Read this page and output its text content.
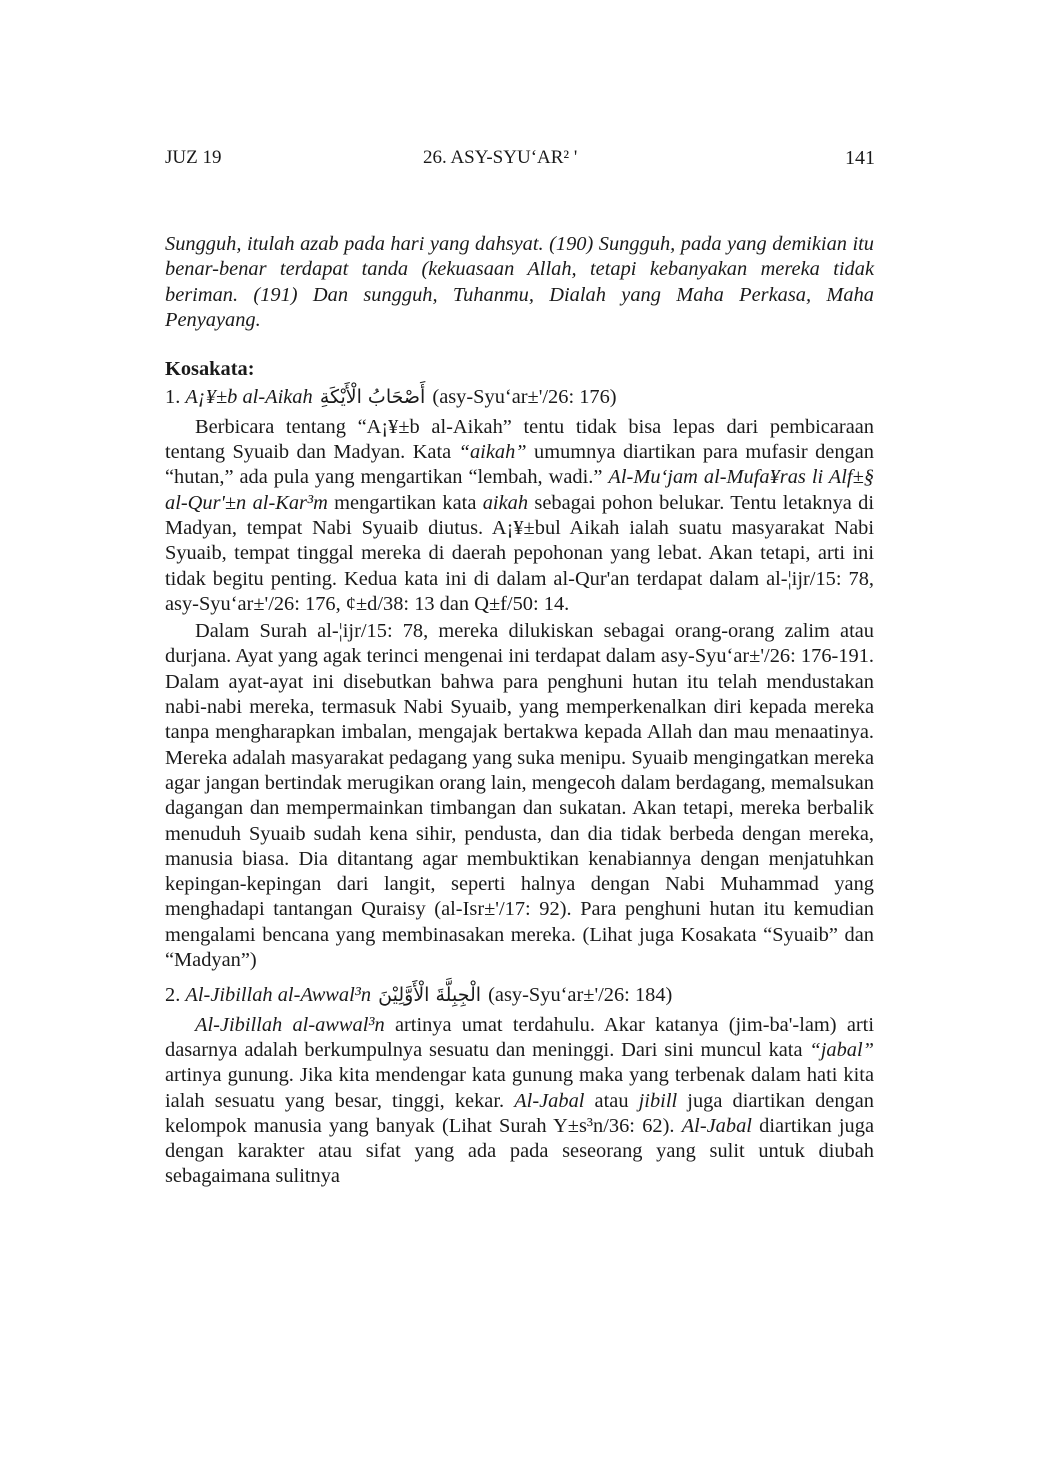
JUZ 19	26. ASY-SYU‘AR² '	141

Sungguh, itulah azab pada hari yang dahsyat. (190) Sungguh, pada yang demikian itu benar-benar terdapat tanda (kekuasaan Allah, tetapi kebanyakan mereka tidak beriman. (191) Dan sungguh, Tuhanmu, Dialah yang Maha Perkasa, Maha Penyayang.

Kosakata:
1. A¡¥±b al-Aikah أَصْحَابُ الْأَيْكَةِ (asy-Syu‘ar±'/26: 176)

Berbicara tentang “A¡¥±b al-Aikah” tentu tidak bisa lepas dari pembicaraan tentang Syuaib dan Madyan. Kata “aikah” umumnya diartikan para mufasir dengan “hutan,” ada pula yang mengartikan “lembah, wadi.” Al-Mu‘jam al-Mufa¥ras li Alf±§ al-Qur'±n al-Kar³m mengartikan kata aikah sebagai pohon belukar. Tentu letaknya di Madyan, tempat Nabi Syuaib diutus. A¡¥±bul Aikah ialah suatu masyarakat Nabi Syuaib, tempat tinggal mereka di daerah pepohonan yang lebat. Akan tetapi, arti ini tidak begitu penting. Kedua kata ini di dalam al-Qur'an terdapat dalam al-¦ijr/15: 78, asy-Syu‘ar±'/26: 176, ¢±d/38: 13 dan Q±f/50: 14.

Dalam Surah al-¦ijr/15: 78, mereka dilukiskan sebagai orang-orang zalim atau durjana. Ayat yang agak terinci mengenai ini terdapat dalam asy-Syu‘ar±'/26: 176-191. Dalam ayat-ayat ini disebutkan bahwa para penghuni hutan itu telah mendustakan nabi-nabi mereka, termasuk Nabi Syuaib, yang memperkenalkan diri kepada mereka tanpa mengharapkan imbalan, mengajak bertakwa kepada Allah dan mau menaatinya. Mereka adalah masyarakat pedagang yang suka menipu. Syuaib mengingatkan mereka agar jangan bertindak merugikan orang lain, mengecoh dalam berdagang, memalsukan dagangan dan mempermainkan timbangan dan sukatan. Akan tetapi, mereka berbalik menuduh Syuaib sudah kena sihir, pendusta, dan dia tidak berbeda dengan mereka, manusia biasa. Dia ditantang agar membuktikan kenabiannya dengan menjatuhkan kepingan-kepingan dari langit, seperti halnya dengan Nabi Muhammad yang menghadapi tantangan Quraisy (al-Isr±'/17: 92). Para penghuni hutan itu kemudian mengalami bencana yang membinasakan mereka. (Lihat juga Kosakata “Syuaib” dan “Madyan”)

2. Al-Jibillah al-Awwal³n الْجِبِلَّةَ الْأَوَّلِيْنَ (asy-Syu‘ar±'/26: 184)

Al-Jibillah al-awwal³n artinya umat terdahulu. Akar katanya (jim-ba'-lam) arti dasarnya adalah berkumpulnya sesuatu dan meninggi. Dari sini muncul kata “jabal” artinya gunung. Jika kita mendengar kata gunung maka yang terbenak dalam hati kita ialah sesuatu yang besar, tinggi, kekar. Al-Jabal atau jibill juga diartikan dengan kelompok manusia yang banyak (Lihat Surah Y±s³n/36: 62). Al-Jabal diartikan juga dengan karakter atau sifat yang ada pada seseorang yang sulit untuk diubah sebagaimana sulitnya
